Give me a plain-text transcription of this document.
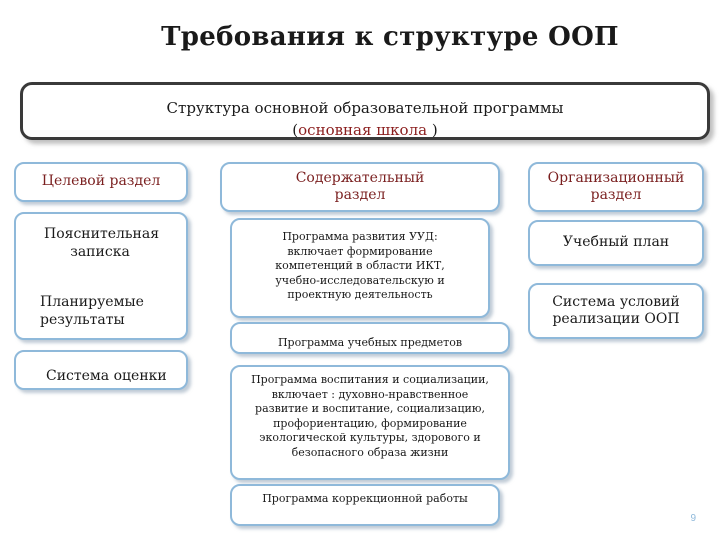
Требования к структуре ООП
Структура основной образовательной программы
(основная школа )
Целевой раздел
Пояснительная записка
Планируемые результаты
Система оценки
Содержательный раздел
Программа развития УУД: включает формирование компетенций в области ИКТ, учебно-исследовательскую и проектную деятельность
Программа учебных предметов
Программа воспитания и социализации, включает : духовно-нравственное развитие и воспитание, социализацию, профориентацию, формирование экологической культуры, здорового и безопасного образа жизни
Программа коррекционной работы
Организационный раздел
Учебный план
Система условий реализации ООП
9
